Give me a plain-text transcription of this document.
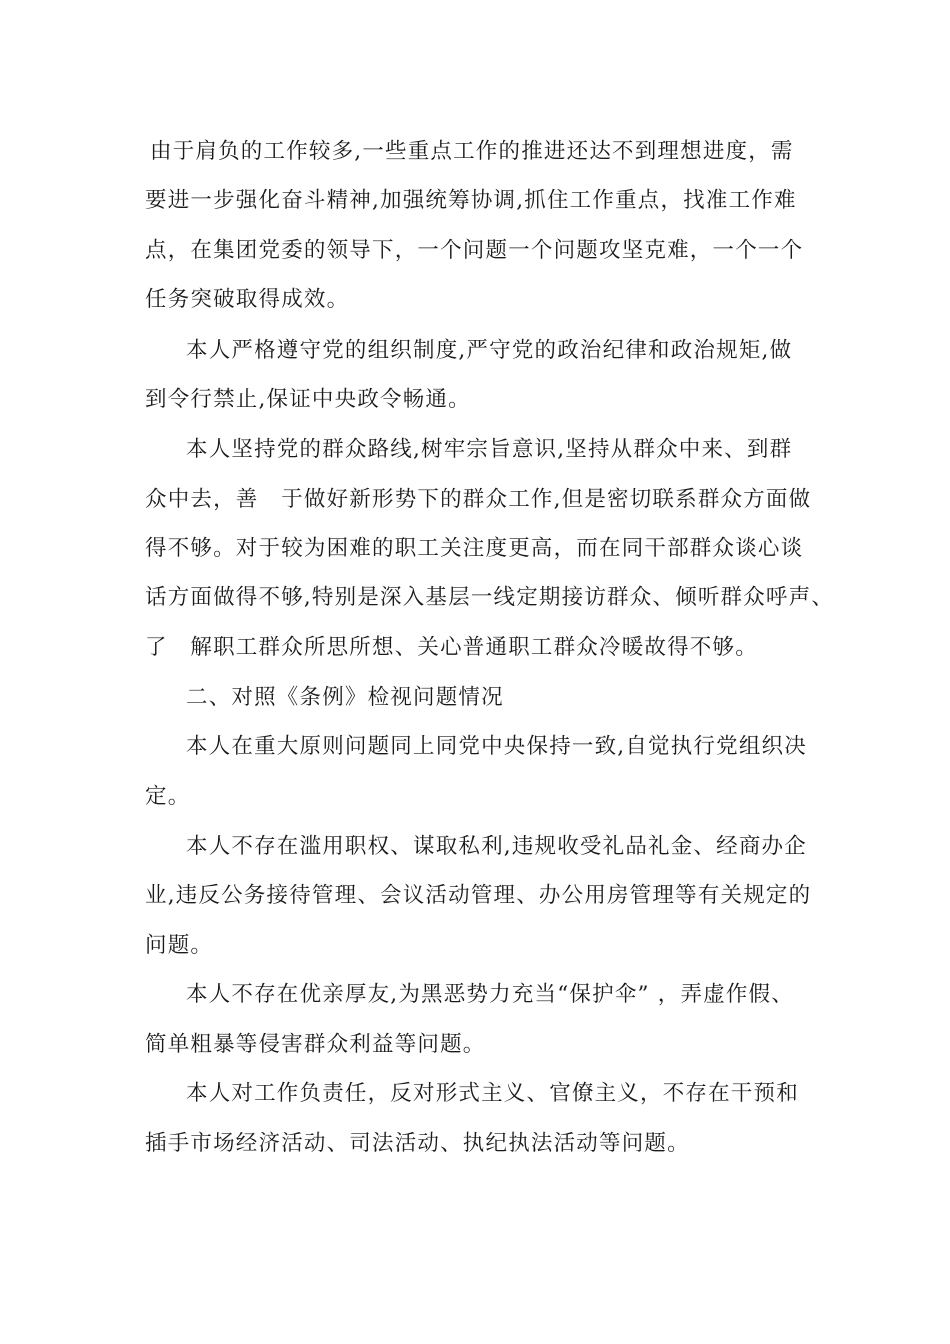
由于肩负的工作较多,一些重点工作的推进还达不到理想进度，需
要进一步强化奋斗精神,加强统筹协调,抓住工作重点，找准工作难
点，在集团党委的领导下，一个问题一个问题攻坚克难，一个一个
任务突破取得成效。
本人严格遵守党的组织制度,严守党的政治纪律和政治规矩,做
到令行禁止,保证中央政令畅通。
本人坚持党的群众路线,树牢宗旨意识,坚持从群众中来、到群
众中去，善　于做好新形势下的群众工作,但是密切联系群众方面做
得不够。对于较为困难的职工关注度更高，而在同干部群众谈心谈
话方面做得不够,特别是深入基层一线定期接访群众、倾听群众呼声、
了　解职工群众所思所想、关心普通职工群众冷暖故得不够。
二、对照《条例》检视问题情况
本人在重大原则问题同上同党中央保持一致,自觉执行党组织决
定。
本人不存在滥用职权、谋取私利,违规收受礼品礼金、经商办企
业,违反公务接待管理、会议活动管理、办公用房管理等有关规定的
问题。
本人不存在优亲厚友,为黑恶势力充当“保护伞” ，弄虚作假、
简单粗暴等侵害群众利益等问题。
本人对工作负责任，反对形式主义、官僚主义，不存在干预和
插手市场经济活动、司法活动、执纪执法活动等问题。
